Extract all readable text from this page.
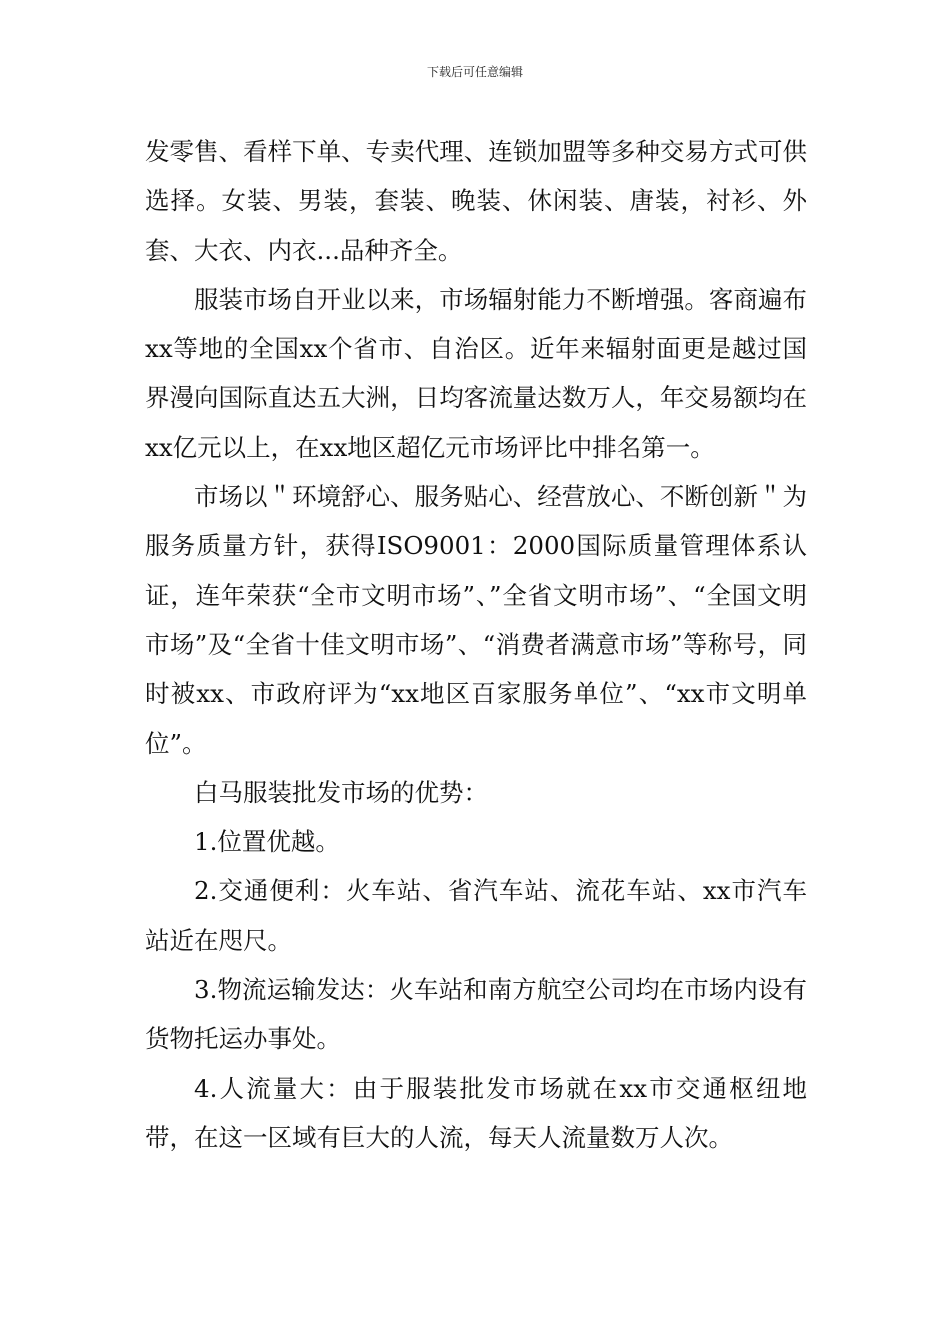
下载后可任意编辑

发零售、看样下单、专卖代理、连锁加盟等多种交易方式可供选择。女装、男装，套装、晚装、休闲装、唐装，衬衫、外套、大衣、内衣...品种齐全。

服装市场自开业以来，市场辐射能力不断增强。客商遍布xx等地的全国xx个省市、自治区。近年来辐射面更是越过国界漫向国际直达五大洲，日均客流量达数万人，年交易额均在xx亿元以上，在xx地区超亿元市场评比中排名第一。

市场以＂环境舒心、服务贴心、经营放心、不断创新＂为服务质量方针，获得ISO9001：2000国际质量管理体系认证，连年荣获“全市文明市场”、”全省文明市场”、“全国文明市场”及“全省十佳文明市场”、“消费者满意市场”等称号，同时被xx、市政府评为“xx地区百家服务单位”、“xx市文明单位”。

白马服装批发市场的优势：

1.位置优越。

2.交通便利：火车站、省汽车站、流花车站、xx市汽车站近在咫尺。

3.物流运输发达：火车站和南方航空公司均在市场内设有货物托运办事处。

4.人流量大：由于服装批发市场就在xx市交通枢纽地带，在这一区域有巨大的人流，每天人流量数万人次。
